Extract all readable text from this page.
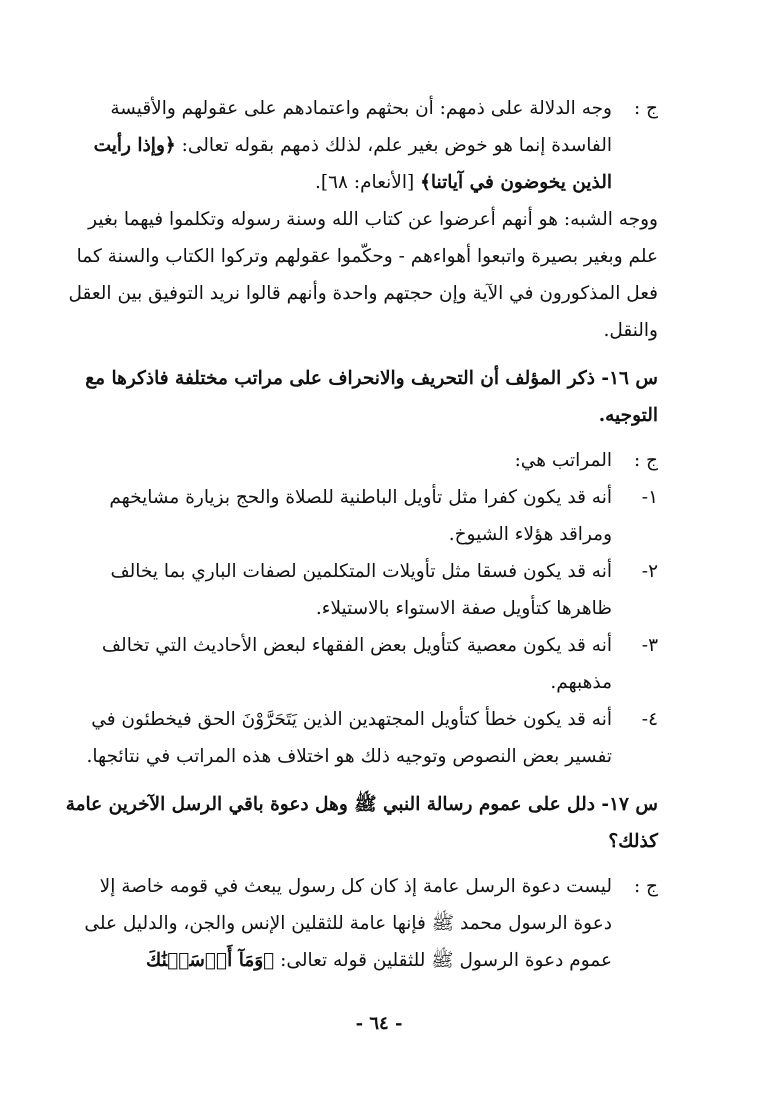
ج :
وجه الدلالة على ذمهم: أن بحثهم واعتمادهم على عقولهم والأقيسة الفاسدة إنما هو خوض بغير علم، لذلك ذمهم بقوله تعالى: ﴿وإذا رأيت الذين يخوضون في آياتنا﴾ [الأنعام: ٦٨].
ووجه الشبه: هو أنهم أعرضوا عن كتاب الله وسنة رسوله وتكلموا فيهما بغير علم وبغير بصيرة واتبعوا أهواءهم - وحكّموا عقولهم وتركوا الكتاب والسنة كما فعل المذكورون في الآية وإن حجتهم واحدة وأنهم قالوا نريد التوفيق بين العقل والنقل.
س ١٦- ذكر المؤلف أن التحريف والانحراف على مراتب مختلفة فاذكرها مع التوجيه.
ج :
المراتب هي:
١-
أنه قد يكون كفرا مثل تأويل الباطنية للصلاة والحج بزيارة مشايخهم ومراقد هؤلاء الشيوخ.
٢-
أنه قد يكون فسقا مثل تأويلات المتكلمين لصفات الباري بما يخالف ظاهرها كتأويل صفة الاستواء بالاستيلاء.
٣-
أنه قد يكون معصية كتأويل بعض الفقهاء لبعض الأحاديث التي تخالف مذهبهم.
٤-
أنه قد يكون خطأ كتأويل المجتهدين الذين يَتَحَرَّوْنَ الحق فيخطئون في تفسير بعض النصوص وتوجيه ذلك هو اختلاف هذه المراتب في نتائجها.
س ١٧- دلل على عموم رسالة النبي ﷺ وهل دعوة باقي الرسل الآخرين عامة كذلك؟
ج :
ليست دعوة الرسل عامة إذ كان كل رسول يبعث في قومه خاصة إلا دعوة الرسول محمد ﷺ فإنها عامة للثقلين الإنس والجن، والدليل على عموم دعوة الرسول ﷺ للثقلين قوله تعالى: ﴿وَمَآ أَرۡسَلۡنَٰكَ
- ٦٤ -
